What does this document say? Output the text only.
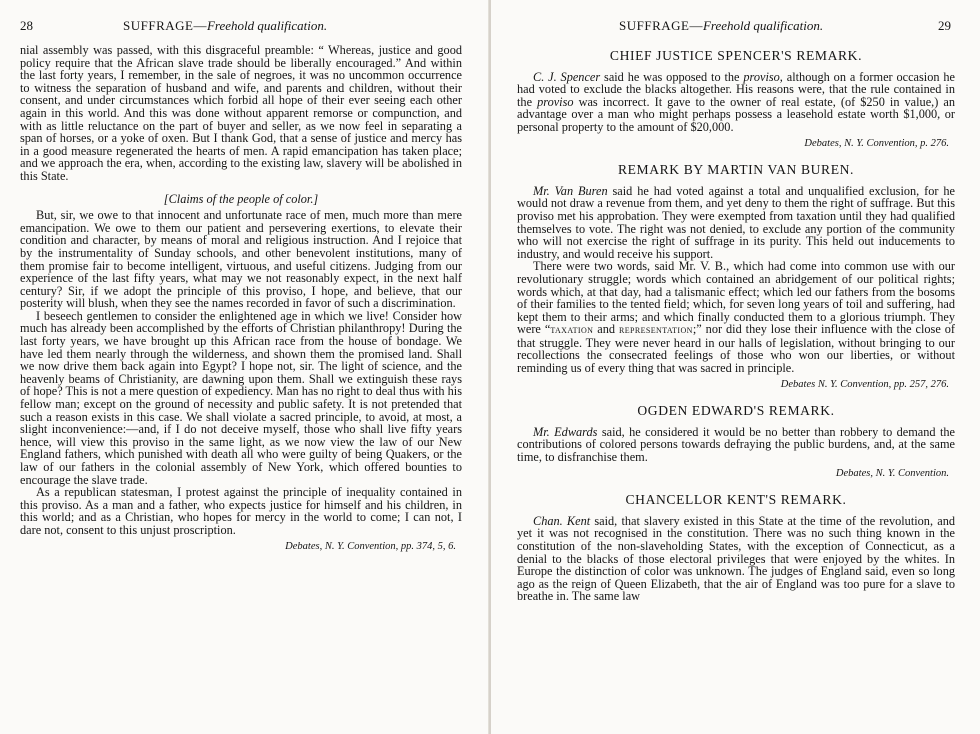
28	SUFFRAGE—Freehold qualification.

nial assembly was passed, with this disgraceful preamble: “ Whereas, justice and good policy require that the African slave trade should be liberally encouraged.” And within the last forty years, I remember, in the sale of negroes, it was no uncommon occurrence to witness the separation of husband and wife, and parents and children, without their consent, and under circumstances which forbid all hope of their ever seeing each other again in this world. And this was done without apparent remorse or compunction, and with as little reluctance on the part of buyer and seller, as we now feel in separating a span of horses, or a yoke of oxen. But I thank God, that a sense of justice and mercy has in a good measure regenerated the hearts of men. A rapid emancipation has taken place; and we approach the era, when, according to the existing law, slavery will be abolished in this State.

[Claims of the people of color.]

But, sir, we owe to that innocent and unfortunate race of men, much more than mere emancipation. We owe to them our patient and persevering exertions, to elevate their condition and character, by means of moral and religious instruction. And I rejoice that by the instrumentality of Sunday schools, and other benevolent institutions, many of them promise fair to become intelligent, virtuous, and useful citizens. Judging from our experience of the last fifty years, what may we not reasonably expect, in the next half century? Sir, if we adopt the principle of this proviso, I hope, and believe, that our posterity will blush, when they see the names recorded in favor of such a discrimination.

I beseech gentlemen to consider the enlightened age in which we live! Consider how much has already been accomplished by the efforts of Christian philanthropy! During the last forty years, we have brought up this African race from the house of bondage. We have led them nearly through the wilderness, and shown them the promised land. Shall we now drive them back again into Egypt? I hope not, sir. The light of science, and the heavenly beams of Christianity, are dawning upon them. Shall we extinguish these rays of hope? This is not a mere question of expediency. Man has no right to deal thus with his fellow man; except on the ground of necessity and public safety. It is not pretended that such a reason exists in this case. We shall violate a sacred principle, to avoid, at most, a slight inconvenience:—and, if I do not deceive myself, those who shall live fifty years hence, will view this proviso in the same light, as we now view the law of our New England fathers, which punished with death all who were guilty of being Quakers, or the law of our fathers in the colonial assembly of New York, which offered bounties to encourage the slave trade.

As a republican statesman, I protest against the principle of inequality contained in this proviso. As a man and a father, who expects justice for himself and his children, in this world; and as a Christian, who hopes for mercy in the world to come; I can not, I dare not, consent to this unjust proscription.

Debates, N. Y. Convention, pp. 374, 5, 6.

SUFFRAGE—Freehold qualification.	29
CHIEF JUSTICE SPENCER'S REMARK.

C. J. Spencer said he was opposed to the proviso, although on a former occasion he had voted to exclude the blacks altogether. His reasons were, that the rule contained in the proviso was incorrect. It gave to the owner of real estate, (of $250 in value,) an advantage over a man who might perhaps possess a leasehold estate worth $1,000, or personal property to the amount of $20,000.

Debates, N. Y. Convention, p. 276.

REMARK BY MARTIN VAN BUREN.

Mr. Van Buren said he had voted against a total and unqualified exclusion, for he would not draw a revenue from them, and yet deny to them the right of suffrage. But this proviso met his approbation. They were exempted from taxation until they had qualified themselves to vote. The right was not denied, to exclude any portion of the community who will not exercise the right of suffrage in its purity. This held out inducements to industry, and would receive his support.

There were two words, said Mr. V. B., which had come into common use with our revolutionary struggle; words which contained an abridgement of our political rights; words which, at that day, had a talismanic effect; which led our fathers from the bosoms of their families to the tented field; which, for seven long years of toil and suffering, had kept them to their arms; and which finally conducted them to a glorious triumph. They were “taxation and representation;” nor did they lose their influence with the close of that struggle. They were never heard in our halls of legislation, without bringing to our recollections the consecrated feelings of those who won our liberties, or without reminding us of every thing that was sacred in principle.

Debates N. Y. Convention, pp. 257, 276.

OGDEN EDWARD'S REMARK.

Mr. Edwards said, he considered it would be no better than robbery to demand the contributions of colored persons towards defraying the public burdens, and, at the same time, to disfranchise them.

Debates, N. Y. Convention.

CHANCELLOR KENT'S REMARK.

Chan. Kent said, that slavery existed in this State at the time of the revolution, and yet it was not recognised in the constitution. There was no such thing known in the constitution of the non-slaveholding States, with the exception of Connecticut, as a denial to the blacks of those electoral privileges that were enjoyed by the whites. In Europe the distinction of color was unknown. The judges of England said, even so long ago as the reign of Queen Elizabeth, that the air of England was too pure for a slave to breathe in. The same law
